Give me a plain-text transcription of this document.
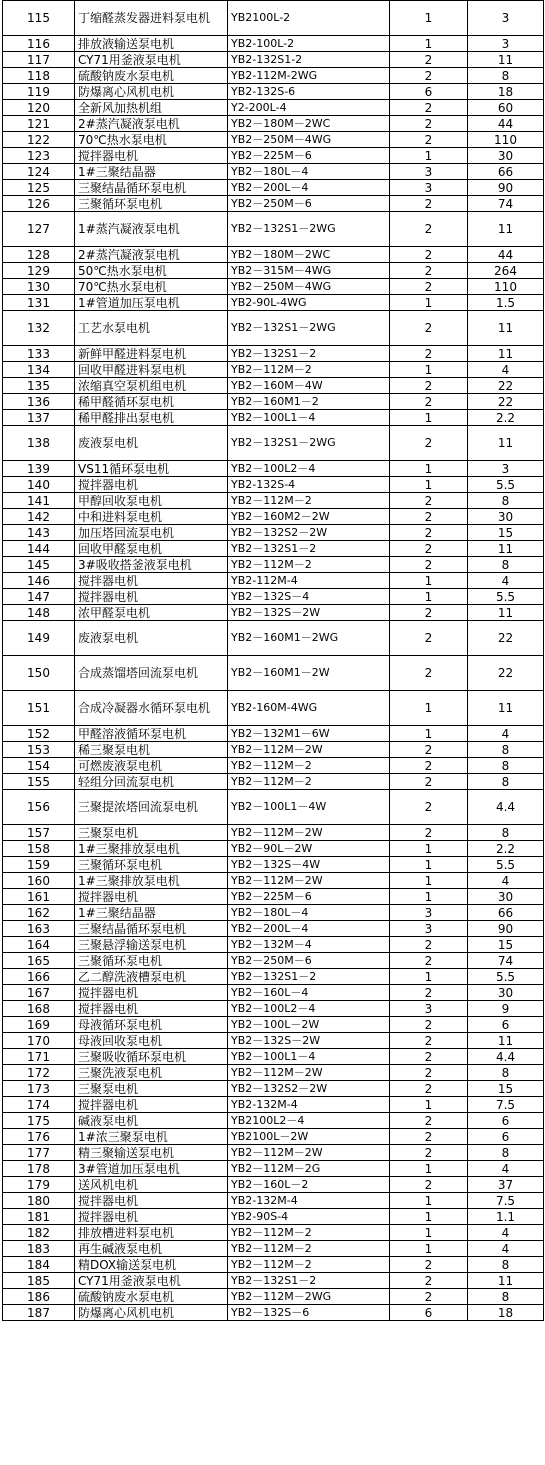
115	丁缩醛蒸发器进料泵电机	YB2100L-2	1	3
116	排放液输送泵电机	YB2-100L-2	1	3
117	CY71用釜液泵电机	YB2-132S1-2	2	11
118	硫酸钠废水泵电机	YB2-112M-2WG	2	8
119	防爆离心风机电机	YB2-132S-6	6	18
120	全新风加热机组	Y2-200L-4	2	60
121	2#蒸汽凝液泵电机	YB2－180M－2WC	2	44
122	70℃热水泵电机	YB2－250M－4WG	2	110
123	搅拌器电机	YB2－225M－6	1	30
124	1#三聚结晶器	YB2－180L－4	3	66
125	三聚结晶循环泵电机	YB2－200L－4	3	90
126	三聚循环泵电机	YB2－250M－6	2	74
127	1#蒸汽凝液泵电机	YB2－132S1－2WG	2	11
128	2#蒸汽凝液泵电机	YB2－180M－2WC	2	44
129	50℃热水泵电机	YB2－315M－4WG	2	264
130	70℃热水泵电机	YB2－250M－4WG	2	110
131	1#管道加压泵电机	YB2-90L-4WG	1	1.5
132	工艺水泵电机	YB2－132S1－2WG	2	11
133	新鲜甲醛进料泵电机	YB2－132S1－2	2	11
134	回收甲醛进料泵电机	YB2－112M－2	1	4
135	浓缩真空泵机组电机	YB2－160M－4W	2	22
136	稀甲醛循环泵电机	YB2－160M1－2	2	22
137	稀甲醛排出泵电机	YB2－100L1－4	1	2.2
138	废液泵电机	YB2－132S1－2WG	2	11
139	VS11循环泵电机	YB2－100L2－4	1	3
140	搅拌器电机	YB2-132S-4	1	5.5
141	甲醇回收泵电机	YB2－112M－2	2	8
142	中和进料泵电机	YB2－160M2－2W	2	30
143	加压塔回流泵电机	YB2－132S2－2W	2	15
144	回收甲醛泵电机	YB2－132S1－2	2	11
145	3#吸收搭釜液泵电机	YB2－112M－2	2	8
146	搅拌器电机	YB2-112M-4	1	4
147	搅拌器电机	YB2－132S－4	1	5.5
148	浓甲醛泵电机	YB2－132S－2W	2	11
149	废液泵电机	YB2－160M1－2WG	2	22
150	合成蒸馏塔回流泵电机	YB2－160M1－2W	2	22
151	合成冷凝器水循环泵电机	YB2-160M-4WG	1	11
152	甲醛溶液循环泵电机	YB2－132M1－6W	1	4
153	稀三聚泵电机	YB2－112M－2W	2	8
154	可燃废液泵电机	YB2－112M－2	2	8
155	轻组分回流泵电机	YB2－112M－2	2	8
156	三聚提浓塔回流泵电机	YB2－100L1－4W	2	4.4
157	三聚泵电机	YB2－112M－2W	2	8
158	1#三聚排放泵电机	YB2－90L－2W	1	2.2
159	三聚循环泵电机	YB2－132S－4W	1	5.5
160	1#三聚排放泵电机	YB2－112M－2W	1	4
161	搅拌器电机	YB2－225M－6	1	30
162	1#三聚结晶器	YB2－180L－4	3	66
163	三聚结晶循环泵电机	YB2－200L－4	3	90
164	三聚悬浮输送泵电机	YB2－132M－4	2	15
165	三聚循环泵电机	YB2－250M－6	2	74
166	乙二醇洗液槽泵电机	YB2－132S1－2	1	5.5
167	搅拌器电机	YB2－160L－4	2	30
168	搅拌器电机	YB2－100L2－4	3	9
169	母液循环泵电机	YB2－100L－2W	2	6
170	母液回收泵电机	YB2－132S－2W	2	11
171	三聚吸收循环泵电机	YB2－100L1－4	2	4.4
172	三聚洗液泵电机	YB2－112M－2W	2	8
173	三聚泵电机	YB2－132S2－2W	2	15
174	搅拌器电机	YB2-132M-4	1	7.5
175	碱液泵电机	YB2100L2－4	2	6
176	1#浓三聚泵电机	YB2100L－2W	2	6
177	精三聚输送泵电机	YB2－112M－2W	2	8
178	3#管道加压泵电机	YB2－112M－2G	1	4
179	送风机电机	YB2－160L－2	2	37
180	搅拌器电机	YB2-132M-4	1	7.5
181	搅拌器电机	YB2-90S-4	1	1.1
182	排放槽进料泵电机	YB2－112M－2	1	4
183	再生碱液泵电机	YB2－112M－2	1	4
184	精DOX输送泵电机	YB2－112M－2	2	8
185	CY71用釜液泵电机	YB2－132S1－2	2	11
186	硫酸钠废水泵电机	YB2－112M－2WG	2	8
187	防爆离心风机电机	YB2－132S－6	6	18
